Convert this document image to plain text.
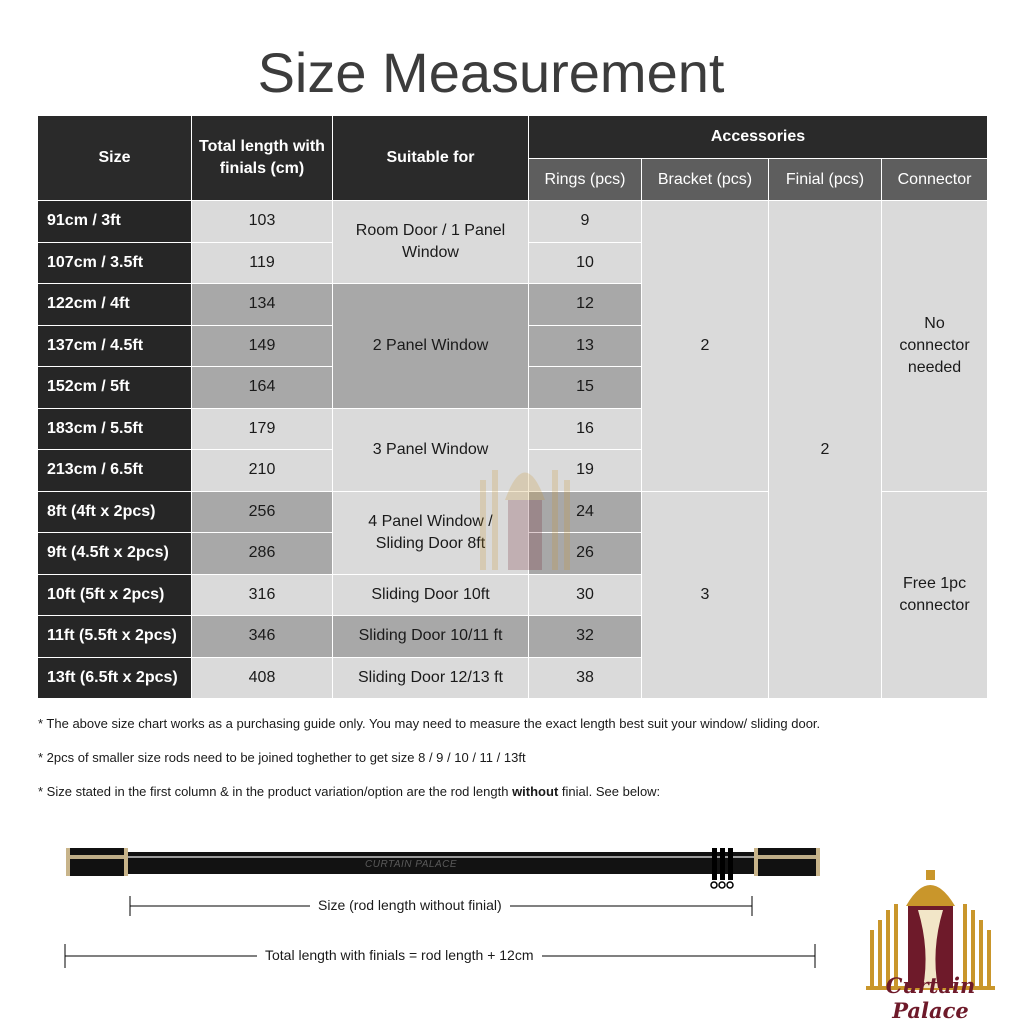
Size Measurement
Size	Total length with finials (cm)	Suitable for	Accessories			
			Rings (pcs)	Bracket (pcs)	Finial (pcs)	Connector
91cm / 3ft	103	Room Door / 1 Panel Window	9	2	2	No connector needed
107cm / 3.5ft	119		10			
122cm / 4ft	134	2 Panel Window	12			
137cm / 4.5ft	149		13			
152cm / 5ft	164		15			
183cm / 5.5ft	179	3 Panel Window	16			
213cm / 6.5ft	210		19			
8ft (4ft x 2pcs)	256	4 Panel Window / Sliding Door 8ft	24	3		Free 1pc connector
9ft (4.5ft x 2pcs)	286		26			
10ft (5ft x 2pcs)	316	Sliding Door 10ft	30			
11ft (5.5ft x 2pcs)	346	Sliding Door 10/11 ft	32			
13ft (6.5ft x 2pcs)	408	Sliding Door 12/13 ft	38			

* The above size chart works as a purchasing guide only. You may need to measure the exact length best suit your window/ sliding door.

* 2pcs of smaller size rods need to be joined toghether to get size 8 / 9 / 10 / 11 / 13ft

* Size stated in the first column & in the product variation/option are the rod length without finial. See below:

CURTAIN PALACE
Size (rod length without finial)
Total length with finials = rod length + 12cm
Curtain Palace
